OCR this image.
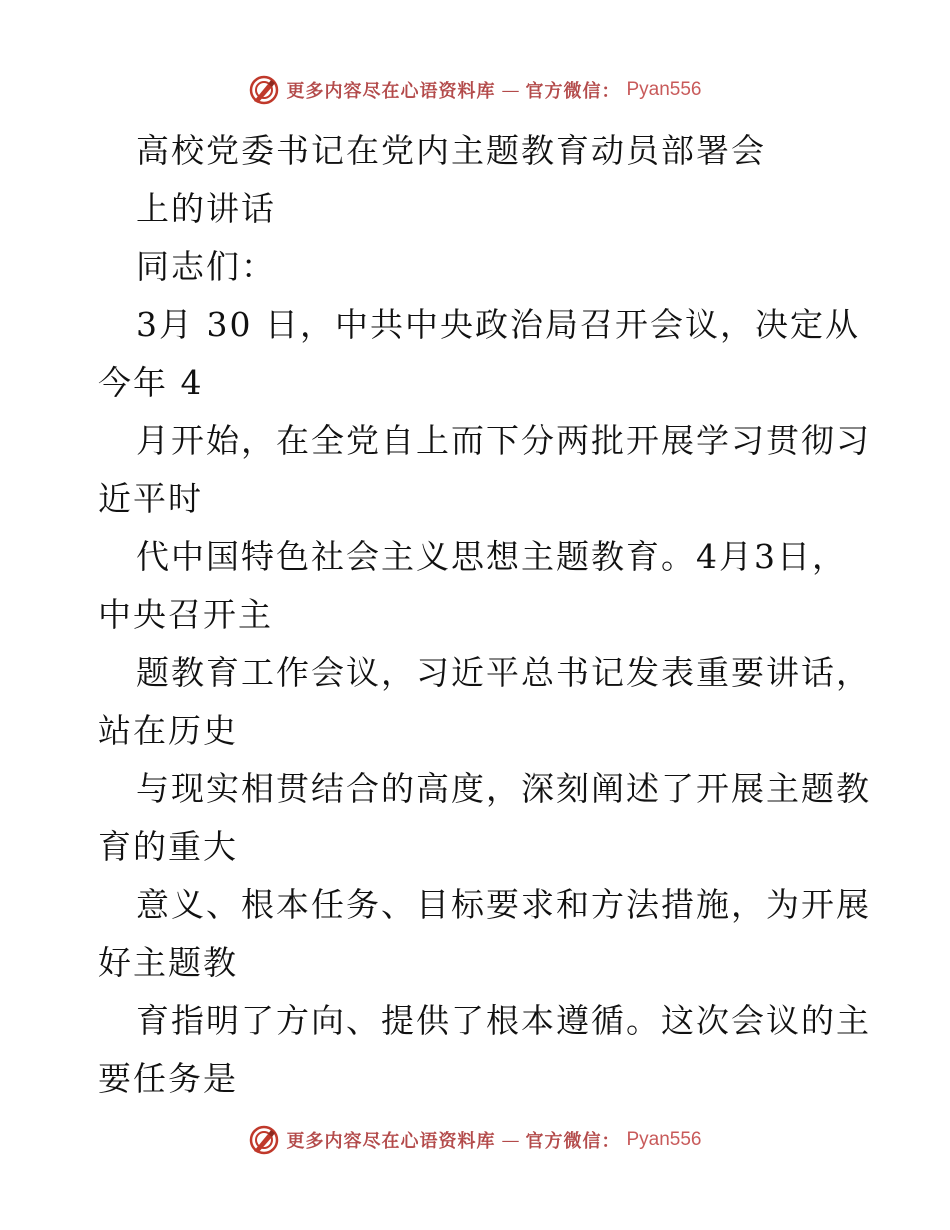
更多内容尽在心语资料库 — 官方微信： Pyan556
高校党委书记在党内主题教育动员部署会
上的讲话
同志们：
3月 30 日，中共中央政治局召开会议，决定从
今年 4
月开始，在全党自上而下分两批开展学习贯彻习
近平时
代中国特色社会主义思想主题教育。4月3日，
中央召开主
题教育工作会议，习近平总书记发表重要讲话，
站在历史
与现实相贯结合的高度，深刻阐述了开展主题教
育的重大
意义、根本任务、目标要求和方法措施，为开展
好主题教
育指明了方向、提供了根本遵循。这次会议的主
要任务是
更多内容尽在心语资料库 — 官方微信： Pyan556
